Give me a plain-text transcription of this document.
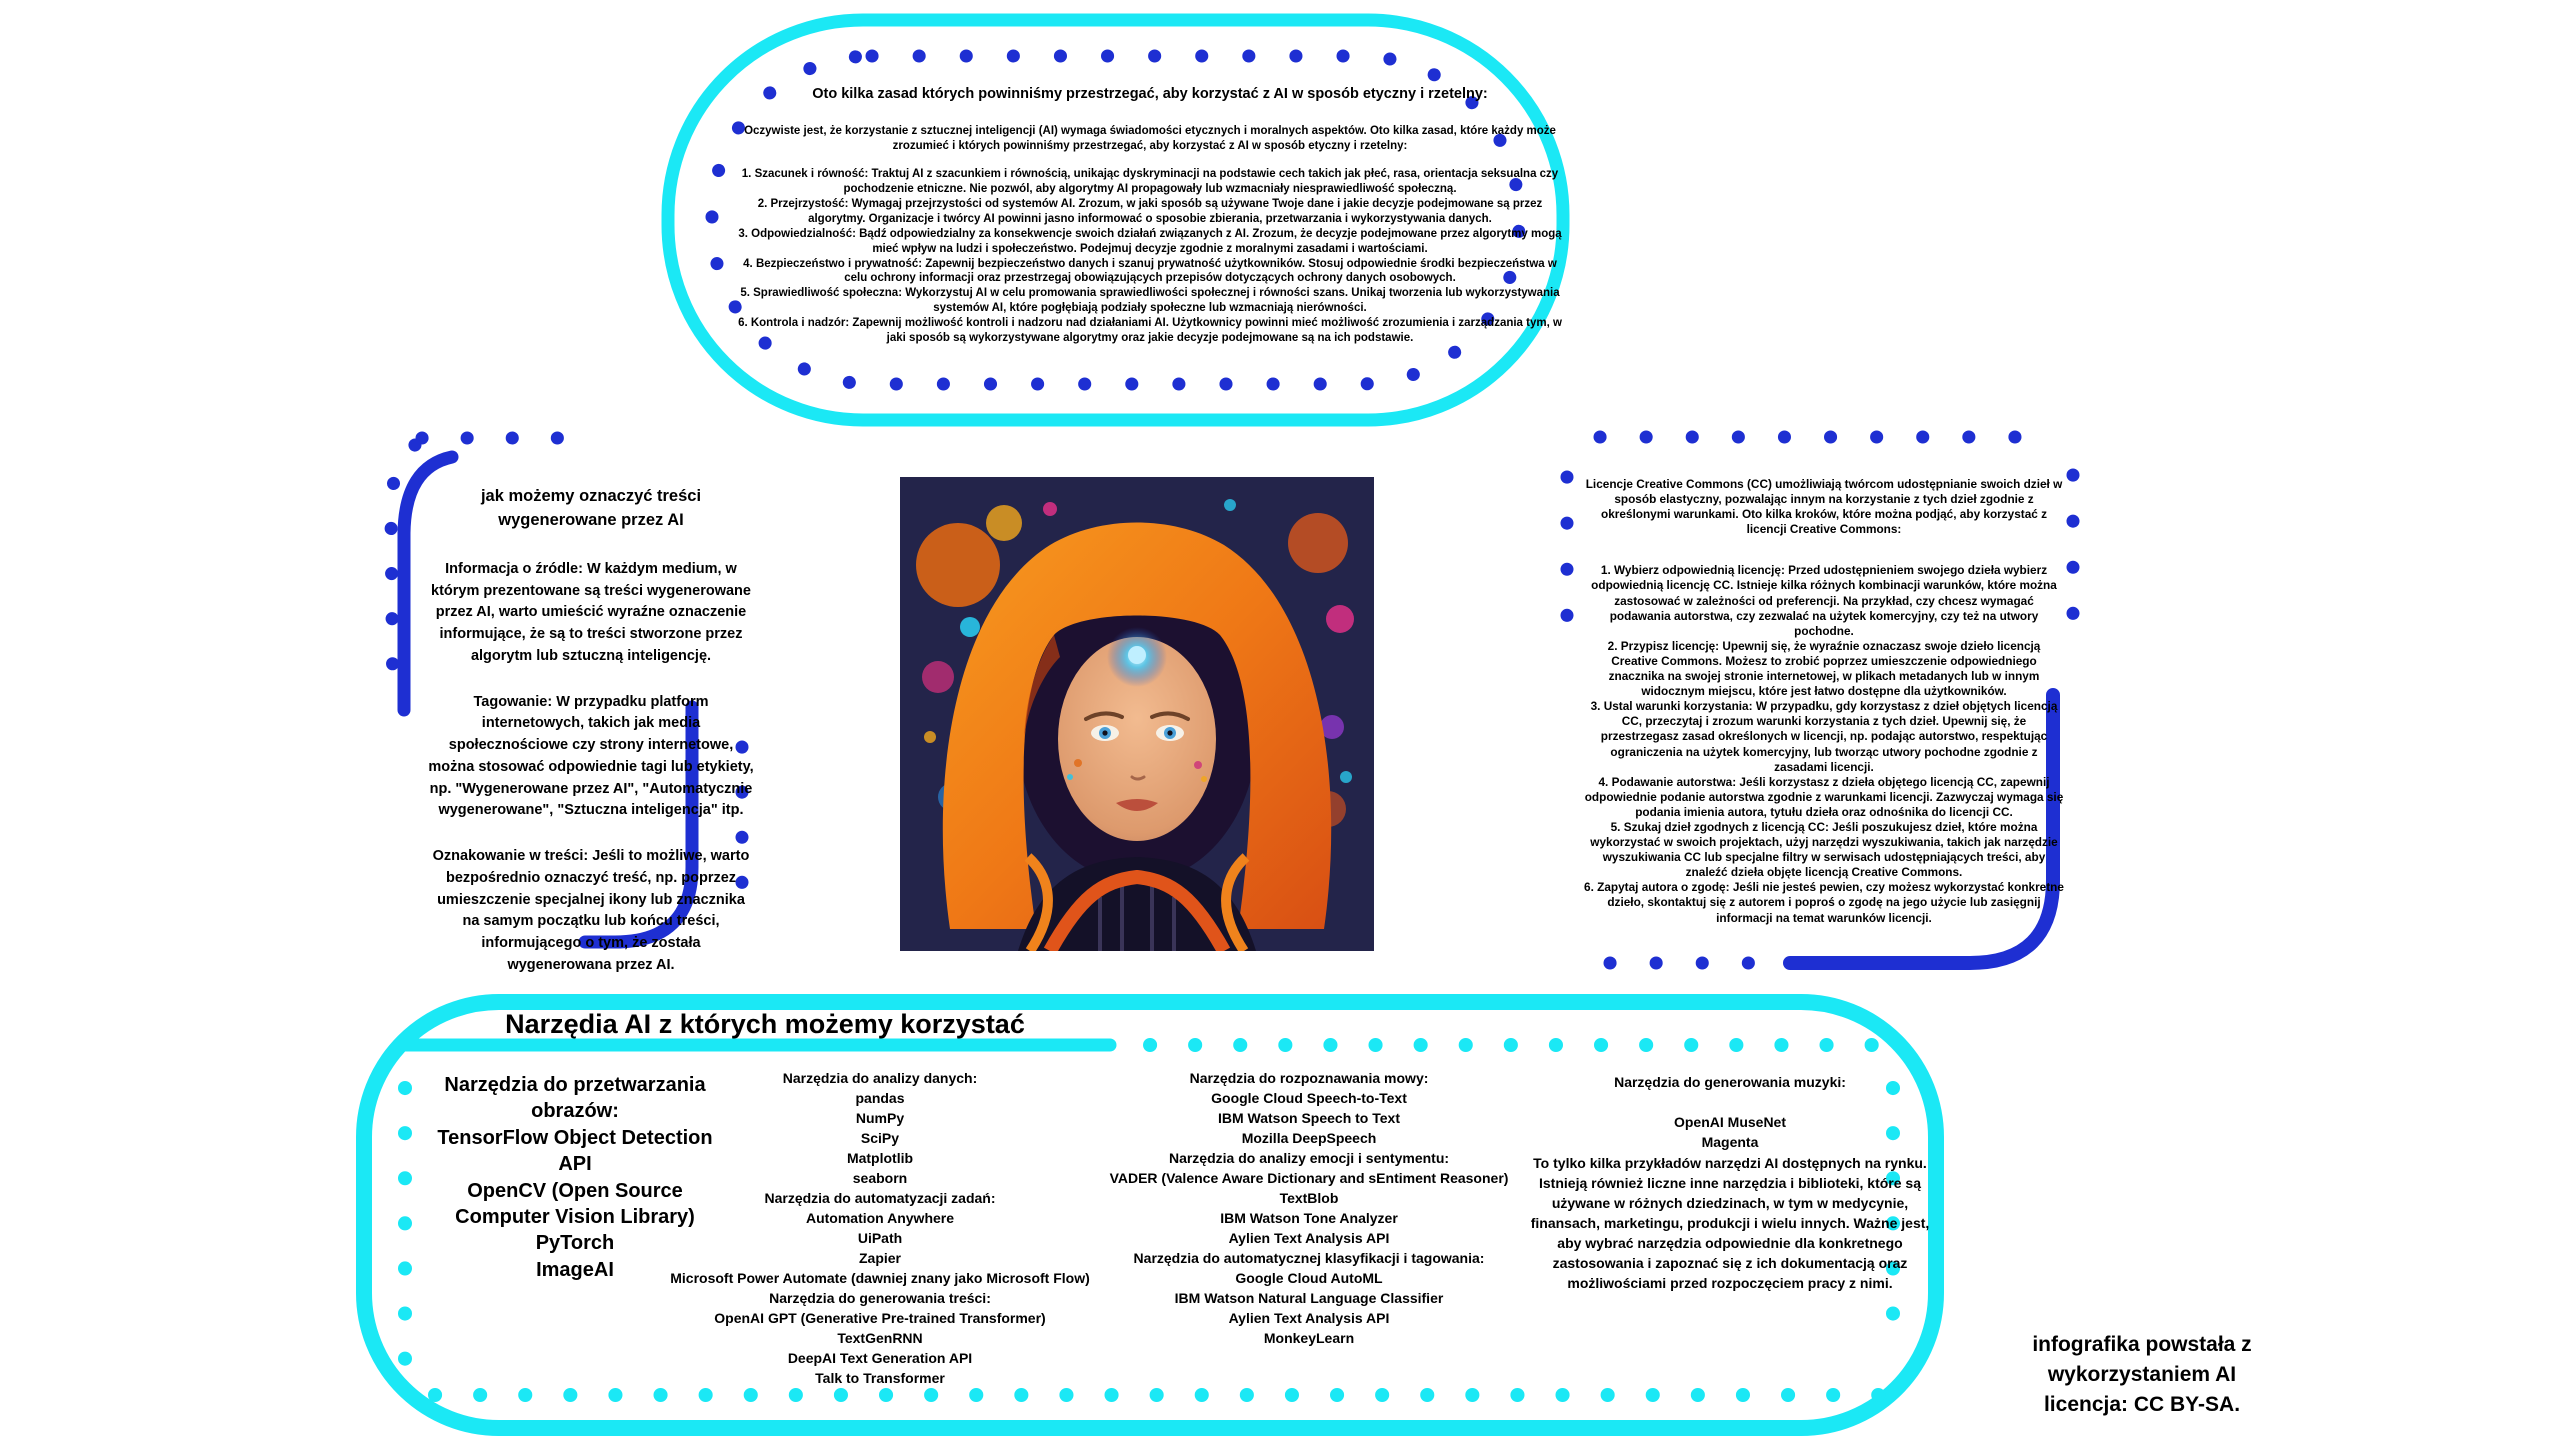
Oto kilka zasad których powinniśmy przestrzegać, aby korzystać z AI w sposób etyczny i rzetelny:
Oczywiste jest, że korzystanie z sztucznej inteligencji (AI) wymaga świadomości etycznych i moralnych aspektów. Oto kilka zasad, które każdy może zrozumieć i których powinniśmy przestrzegać, aby korzystać z AI w sposób etyczny i rzetelny:
1. Szacunek i równość: Traktuj AI z szacunkiem i równością, unikając dyskryminacji na podstawie cech takich jak płeć, rasa, orientacja seksualna czy pochodzenie etniczne. Nie pozwól, aby algorytmy AI propagowały lub wzmacniały niesprawiedliwość społeczną.
2. Przejrzystość: Wymagaj przejrzystości od systemów AI. Zrozum, w jaki sposób są używane Twoje dane i jakie decyzje podejmowane są przez algorytmy. Organizacje i twórcy AI powinni jasno informować o sposobie zbierania, przetwarzania i wykorzystywania danych.
3. Odpowiedzialność: Bądź odpowiedzialny za konsekwencje swoich działań związanych z AI. Zrozum, że decyzje podejmowane przez algorytmy mogą mieć wpływ na ludzi i społeczeństwo. Podejmuj decyzje zgodnie z moralnymi zasadami i wartościami.
4. Bezpieczeństwo i prywatność: Zapewnij bezpieczeństwo danych i szanuj prywatność użytkowników. Stosuj odpowiednie środki bezpieczeństwa w celu ochrony informacji oraz przestrzegaj obowiązujących przepisów dotyczących ochrony danych osobowych.
5. Sprawiedliwość społeczna: Wykorzystuj AI w celu promowania sprawiedliwości społecznej i równości szans. Unikaj tworzenia lub wykorzystywania systemów AI, które pogłębiają podziały społeczne lub wzmacniają nierówności.
6. Kontrola i nadzór: Zapewnij możliwość kontroli i nadzoru nad działaniami AI. Użytkownicy powinni mieć możliwość zrozumienia i zarządzania tym, w jaki sposób są wykorzystywane algorytmy oraz jakie decyzje podejmowane są na ich podstawie.
jak możemy oznaczyć treści wygenerowane przez AI
Informacja o źródle: W każdym medium, w którym prezentowane są treści wygenerowane przez AI, warto umieścić wyraźne oznaczenie informujące, że są to treści stworzone przez algorytm lub sztuczną inteligencję.
Tagowanie: W przypadku platform internetowych, takich jak media społecznościowe czy strony internetowe, można stosować odpowiednie tagi lub etykiety, np. "Wygenerowane przez AI", "Automatycznie wygenerowane", "Sztuczna inteligencja" itp.
Oznakowanie w treści: Jeśli to możliwe, warto bezpośrednio oznaczyć treść, np. poprzez umieszczenie specjalnej ikony lub znacznika na samym początku lub końcu treści, informującego o tym, że została wygenerowana przez AI.
Licencje Creative Commons (CC) umożliwiają twórcom udostępnianie swoich dzieł w sposób elastyczny, pozwalając innym na korzystanie z tych dzieł zgodnie z określonymi warunkami. Oto kilka kroków, które można podjąć, aby korzystać z licencji Creative Commons:
1. Wybierz odpowiednią licencję: Przed udostępnieniem swojego dzieła wybierz odpowiednią licencję CC. Istnieje kilka różnych kombinacji warunków, które można zastosować w zależności od preferencji. Na przykład, czy chcesz wymagać podawania autorstwa, czy zezwalać na użytek komercyjny, czy też na utwory pochodne.
2. Przypisz licencję: Upewnij się, że wyraźnie oznaczasz swoje dzieło licencją Creative Commons. Możesz to zrobić poprzez umieszczenie odpowiedniego znacznika na swojej stronie internetowej, w plikach metadanych lub w innym widocznym miejscu, które jest łatwo dostępne dla użytkowników.
3. Ustal warunki korzystania: W przypadku, gdy korzystasz z dzieł objętych licencją CC, przeczytaj i zrozum warunki korzystania z tych dzieł. Upewnij się, że przestrzegasz zasad określonych w licencji, np. podając autorstwo, respektując ograniczenia na użytek komercyjny, lub tworząc utwory pochodne zgodnie z zasadami licencji.
4. Podawanie autorstwa: Jeśli korzystasz z dzieła objętego licencją CC, zapewnij odpowiednie podanie autorstwa zgodnie z warunkami licencji. Zazwyczaj wymaga się podania imienia autora, tytułu dzieła oraz odnośnika do licencji CC.
5. Szukaj dzieł zgodnych z licencją CC: Jeśli poszukujesz dzieł, które można wykorzystać w swoich projektach, użyj narzędzi wyszukiwania, takich jak narzędzie wyszukiwania CC lub specjalne filtry w serwisach udostępniających treści, aby znaleźć dzieła objęte licencją Creative Commons.
6. Zapytaj autora o zgodę: Jeśli nie jesteś pewien, czy możesz wykorzystać konkretne dzieło, skontaktuj się z autorem i poproś o zgodę na jego użycie lub zasięgnij informacji na temat warunków licencji.
Narzędia AI z których możemy korzystać
Narzędzia do przetwarzania obrazów:
TensorFlow Object Detection API
OpenCV (Open Source Computer Vision Library)
PyTorch
ImageAI
Narzędzia do analizy danych:
pandas
NumPy
SciPy
Matplotlib
seaborn
Narzędzia do automatyzacji zadań:
Automation Anywhere
UiPath
Zapier
Microsoft Power Automate (dawniej znany jako Microsoft Flow)
Narzędzia do generowania treści:
OpenAI GPT (Generative Pre-trained Transformer)
TextGenRNN
DeepAI Text Generation API
Talk to Transformer
Narzędzia do rozpoznawania mowy:
Google Cloud Speech-to-Text
IBM Watson Speech to Text
Mozilla DeepSpeech
Narzędzia do analizy emocji i sentymentu:
VADER (Valence Aware Dictionary and sEntiment Reasoner)
TextBlob
IBM Watson Tone Analyzer
Aylien Text Analysis API
Narzędzia do automatycznej klasyfikacji i tagowania:
Google Cloud AutoML
IBM Watson Natural Language Classifier
Aylien Text Analysis API
MonkeyLearn
Narzędzia do generowania muzyki:

OpenAI MuseNet
Magenta
To tylko kilka przykładów narzędzi AI dostępnych na rynku. Istnieją również liczne inne narzędzia i biblioteki, które są używane w różnych dziedzinach, w tym w medycynie, finansach, marketingu, produkcji i wielu innych. Ważne jest, aby wybrać narzędzia odpowiednie dla konkretnego zastosowania i zapoznać się z ich dokumentacją oraz możliwościami przed rozpoczęciem pracy z nimi.
infografika powstała z
wykorzystaniem AI
licencja: CC BY-SA.
